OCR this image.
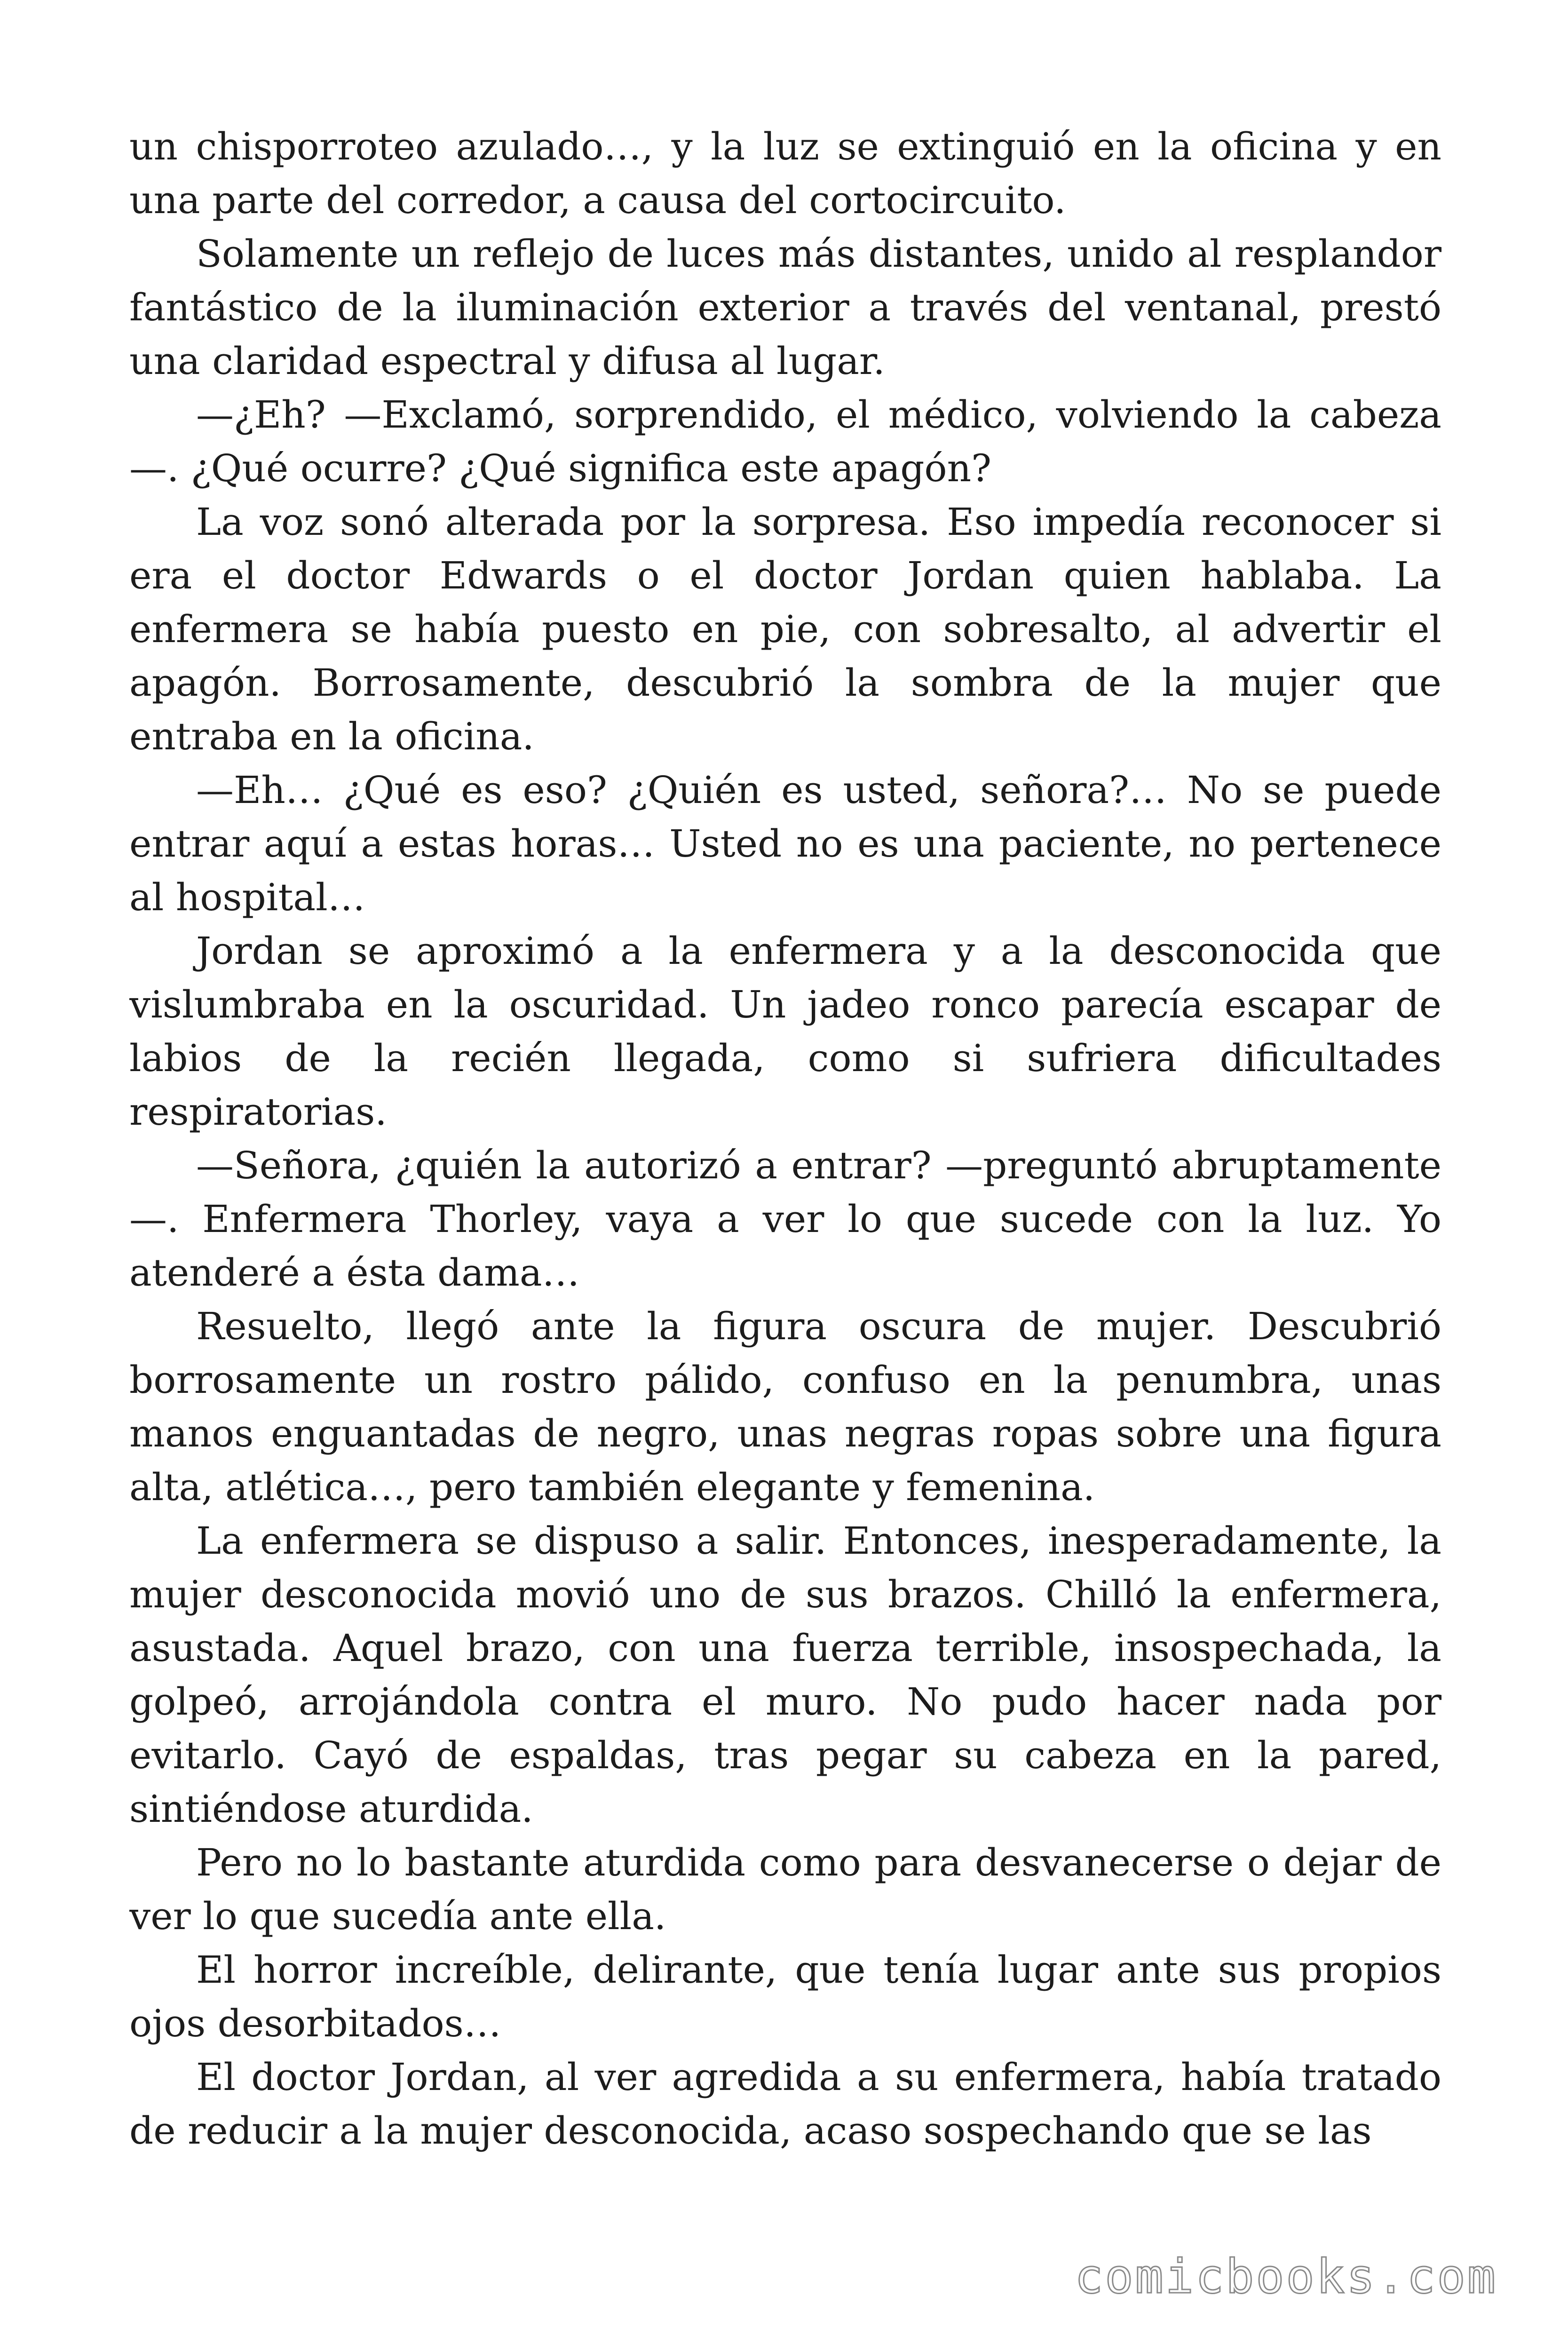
un chisporroteo azulado…, y la luz se extinguió en la oficina y en una parte del corredor, a causa del cortocircuito.

Solamente un reflejo de luces más distantes, unido al resplandor fantástico de la iluminación exterior a través del ventanal, prestó una claridad espectral y difusa al lugar.

—¿Eh? —Exclamó, sorprendido, el médico, volviendo la cabeza —. ¿Qué ocurre? ¿Qué significa este apagón?

La voz sonó alterada por la sorpresa. Eso impedía reconocer si era el doctor Edwards o el doctor Jordan quien hablaba. La enfermera se había puesto en pie, con sobresalto, al advertir el apagón. Borrosamente, descubrió la sombra de la mujer que entraba en la oficina.

—Eh… ¿Qué es eso? ¿Quién es usted, señora?… No se puede entrar aquí a estas horas… Usted no es una paciente, no pertenece al hospital…

Jordan se aproximó a la enfermera y a la desconocida que vislumbraba en la oscuridad. Un jadeo ronco parecía escapar de labios de la recién llegada, como si sufriera dificultades respiratorias.

—Señora, ¿quién la autorizó a entrar? —preguntó abruptamente —. Enfermera Thorley, vaya a ver lo que sucede con la luz. Yo atenderé a ésta dama…

Resuelto, llegó ante la figura oscura de mujer. Descubrió borrosamente un rostro pálido, confuso en la penumbra, unas manos enguantadas de negro, unas negras ropas sobre una figura alta, atlética…, pero también elegante y femenina.

La enfermera se dispuso a salir. Entonces, inesperadamente, la mujer desconocida movió uno de sus brazos. Chilló la enfermera, asustada. Aquel brazo, con una fuerza terrible, insospechada, la golpeó, arrojándola contra el muro. No pudo hacer nada por evitarlo. Cayó de espaldas, tras pegar su cabeza en la pared, sintiéndose aturdida.

Pero no lo bastante aturdida como para desvanecerse o dejar de ver lo que sucedía ante ella.

El horror increíble, delirante, que tenía lugar ante sus propios ojos desorbitados…

El doctor Jordan, al ver agredida a su enfermera, había tratado de reducir a la mujer desconocida, acaso sospechando que se las

comicbooks.com
